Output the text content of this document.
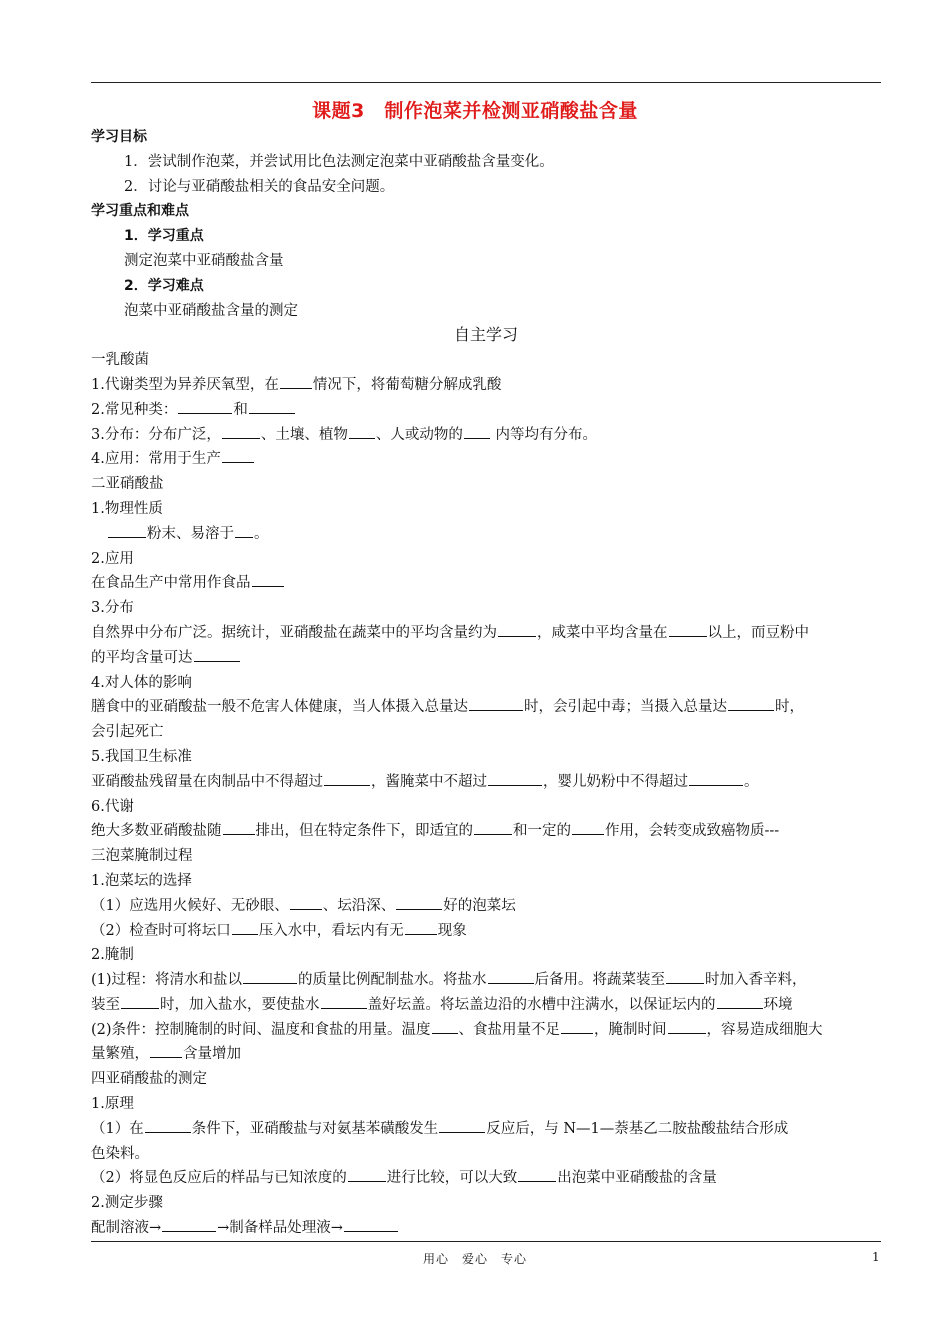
课题3　制作泡菜并检测亚硝酸盐含量
学习目标
1．尝试制作泡菜，并尝试用比色法测定泡菜中亚硝酸盐含量变化。
2．讨论与亚硝酸盐相关的食品安全问题。
学习重点和难点
1．学习重点
测定泡菜中亚硝酸盐含量
2．学习难点
泡菜中亚硝酸盐含量的测定
自主学习
一乳酸菌
1.代谢类型为异养厌氧型，在 情况下，将葡萄糖分解成乳酸
2.常见种类：	和
3.分布：分布广泛，	、土壤、植物 、人或动物的 内等均有分布。
4.应用：常用于生产
二亚硝酸盐
1.物理性质
粉末、易溶于 。
2.应用
在食品生产中常用作食品
3.分布
自然界中分布广泛。据统计，亚硝酸盐在蔬菜中的平均含量约为	，咸菜中平均含量在	以上，而豆粉中
的平均含量可达
4.对人体的影响
膳食中的亚硝酸盐一般不危害人体健康，当人体摄入总量达	时，会引起中毒；当摄入总量达	时，
会引起死亡
5.我国卫生标准
亚硝酸盐残留量在肉制品中不得超过	，酱腌菜中不超过	，婴儿奶粉中不得超过	。
6.代谢
绝大多数亚硝酸盐随 排出，但在特定条件下，即适宜的	和一定的 作用，会转变成致癌物质---
三泡菜腌制过程
1.泡菜坛的选择
（1）应选用火候好、无砂眼、 、坛沿深、	好的泡菜坛
（2）检查时可将坛口 压入水中，看坛内有无 现象
2.腌制
(1)过程：将清水和盐以	的质量比例配制盐水。将盐水	后备用。将蔬菜装至	时加入香辛料，
装至	时，加入盐水，要使盐水	盖好坛盖。将坛盖边沿的水槽中注满水，以保证坛内的	环境
(2)条件：控制腌制的时间、温度和食盐的用量。温度 、食盐用量不足 ，腌制时间	，容易造成细胞大
量繁殖， 含量增加
四亚硝酸盐的测定
1.原理
（1）在	条件下，亚硝酸盐与对氨基苯磺酸发生	反应后，与 N—1—萘基乙二胺盐酸盐结合形成
色染料。
（2）将显色反应后的样品与已知浓度的	进行比较，可以大致	出泡菜中亚硝酸盐的含量
2.测定步骤
配制溶液→	→制备样品处理液→
用心　爱心　专心	1
